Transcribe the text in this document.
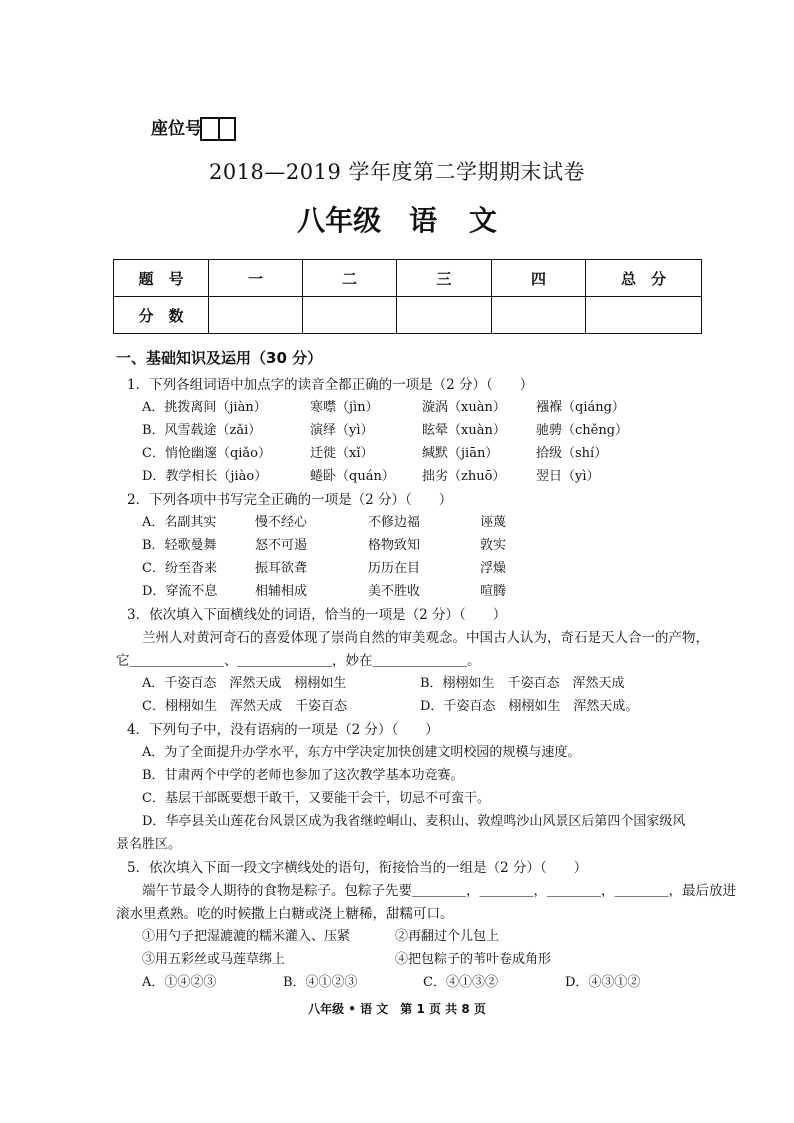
座位号
2018—2019 学年度第二学期期末试卷
八年级　语 文
题　号	一	二	三	四	总　分
分　数					
一、基础知识及运用（30 分）
1．下列各组词语中加点字的读音全都正确的一项是（2 分）（　　）
A．挑拨离间（jiàn）	寒噤（jìn）	漩涡（xuàn） 襁褓（qiáng）
B．风雪载途（zǎi）	演绎（yì）	眩晕（xuàn） 驰骋（chěng）
C．悄怆幽邃（qiǎo）	迁徙（xǐ）	缄默（jiān）	拾级（shí）
D．教学相长（jiào）	蜷卧（quán） 拙劣（zhuō） 翌日（yì）
2．下列各项中书写完全正确的一项是（2 分）（　　）
A．名副其实	慢不经心	不修边福	诬蔑
B．轻歌曼舞	怒不可遏	格物致知	敦实
C．纷至沓来	振耳欲聋	历历在目	浮燥
D．穿流不息	相辅相成	美不胜收	喧腾
3．依次填入下面横线处的词语，恰当的一项是（2 分）（　　）
兰州人对黄河奇石的喜爱体现了崇尚自然的审美观念。中国古人认为，奇石是天人合一的产物，
它＿＿＿＿＿＿＿、＿＿＿＿＿＿＿，妙在＿＿＿＿＿＿＿。
A．千姿百态　浑然天成　栩栩如生	B．栩栩如生　千姿百态　浑然天成
C．栩栩如生　浑然天成　千姿百态	D．千姿百态　栩栩如生　浑然天成。
4．下列句子中，没有语病的一项是（2 分）（　　）
A．为了全面提升办学水平，东方中学决定加快创建文明校园的规模与速度。
B．甘肃两个中学的老师也参加了这次教学基本功竞赛。
C．基层干部既要想干敢干，又要能干会干，切忌不可蛮干。
D．华亭县关山莲花台风景区成为我省继崆峒山、麦积山、敦煌鸣沙山风景区后第四个国家级风
景名胜区。
5．依次填入下面一段文字横线处的语句，衔接恰当的一组是（2 分）（　　）
端午节最令人期待的食物是粽子。包粽子先要＿＿＿＿，＿＿＿＿，＿＿＿＿，＿＿＿＿，最后放进
滚水里煮熟。吃的时候撒上白糖或浇上糖稀，甜糯可口。
①用勺子把湿漉漉的糯米灌入、压紧	②再翻过个儿包上
③用五彩丝或马莲草绑上	④把包粽子的苇叶卷成角形
A．①④②③	B．④①②③	C．④①③②	D．④③①②
八年级 • 语 文　第 1 页 共 8 页
